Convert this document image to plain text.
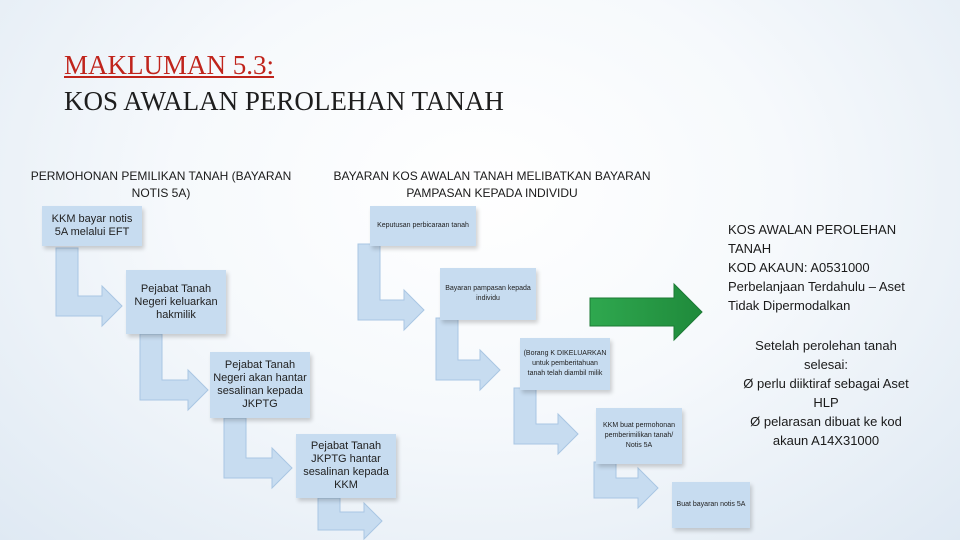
MAKLUMAN 5.3:
KOS AWALAN PEROLEHAN TANAH
PERMOHONAN PEMILIKAN TANAH (BAYARAN NOTIS 5A)
BAYARAN KOS AWALAN TANAH MELIBATKAN BAYARAN PAMPASAN KEPADA INDIVIDU
KKM bayar notis 5A melalui EFT
Pejabat Tanah Negeri keluarkan hakmilik
Pejabat Tanah Negeri akan hantar sesalinan kepada JKPTG
Pejabat Tanah JKPTG hantar sesalinan kepada KKM
Keputusan perbicaraan tanah
Bayaran pampasan kepada individu
(Borang K DIKELUARKAN untuk pemberitahuan tanah telah diambil milik
KKM buat permohonan pemberimilikan tanah/ Notis 5A
Buat bayaran notis 5A
KOS AWALAN PEROLEHAN
TANAH
KOD AKAUN: A0531000
Perbelanjaan Terdahulu – Aset
Tidak Dipermodalkan
Setelah perolehan tanah
selesai:
Ø perlu diiktiraf sebagai Aset
HLP
Ø pelarasan dibuat ke kod
akaun A14X31000
